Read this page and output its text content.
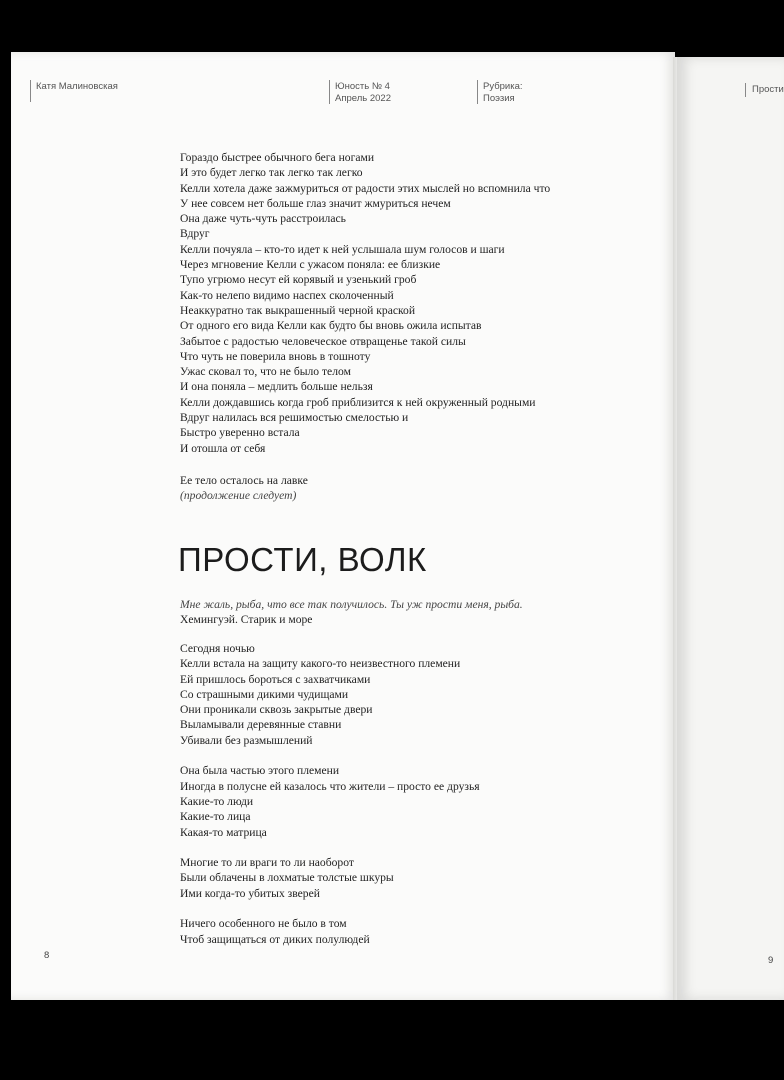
Катя Малиновская	Юность № 4
Апрель 2022
Рубрика:
Поэзия
Прости
Гораздо быстрее обычного бега ногами
И это будет легко так легко так легко
Келли хотела даже зажмуриться от радости этих мыслей но вспомнила что
У нее совсем нет больше глаз значит жмуриться нечем
Она даже чуть-чуть расстроилась
Вдруг
Келли почуяла – кто-то идет к ней услышала шум голосов и шаги
Через мгновение Келли с ужасом поняла: ее близкие
Тупо угрюмо несут ей корявый и узенький гроб
Как-то нелепо видимо наспех сколоченный
Неаккуратно так выкрашенный черной краской
От одного его вида Келли как будто бы вновь ожила испытав
Забытое с радостью человеческое отвращенье такой силы
Что чуть не поверила вновь в тошноту
Ужас сковал то, что не было телом
И она поняла – медлить больше нельзя
Келли дождавшись когда гроб приблизится к ней окруженный родными
Вдруг налилась вся решимостью смелостью и
Быстро уверенно встала
И отошла от себя
Ее тело осталось на лавке
(продолжение следует)
ПРОСТИ, ВОЛК
Мне жаль, рыба, что все так получилось. Ты уж прости меня, рыба.
Хемингуэй. Старик и море
Сегодня ночью
Келли встала на защиту какого-то неизвестного племени
Ей пришлось бороться с захватчиками
Со страшными дикими чудищами
Они проникали сквозь закрытые двери
Выламывали деревянные ставни
Убивали без размышлений
Она была частью этого племени
Иногда в полусне ей казалось что жители – просто ее друзья
Какие-то люди
Какие-то лица
Какая-то матрица
Многие то ли враги то ли наоборот
Были облачены в лохматые толстые шкуры
Ими когда-то убитых зверей
Ничего особенного не было в том
Чтоб защищаться от диких полулюдей
8	9
